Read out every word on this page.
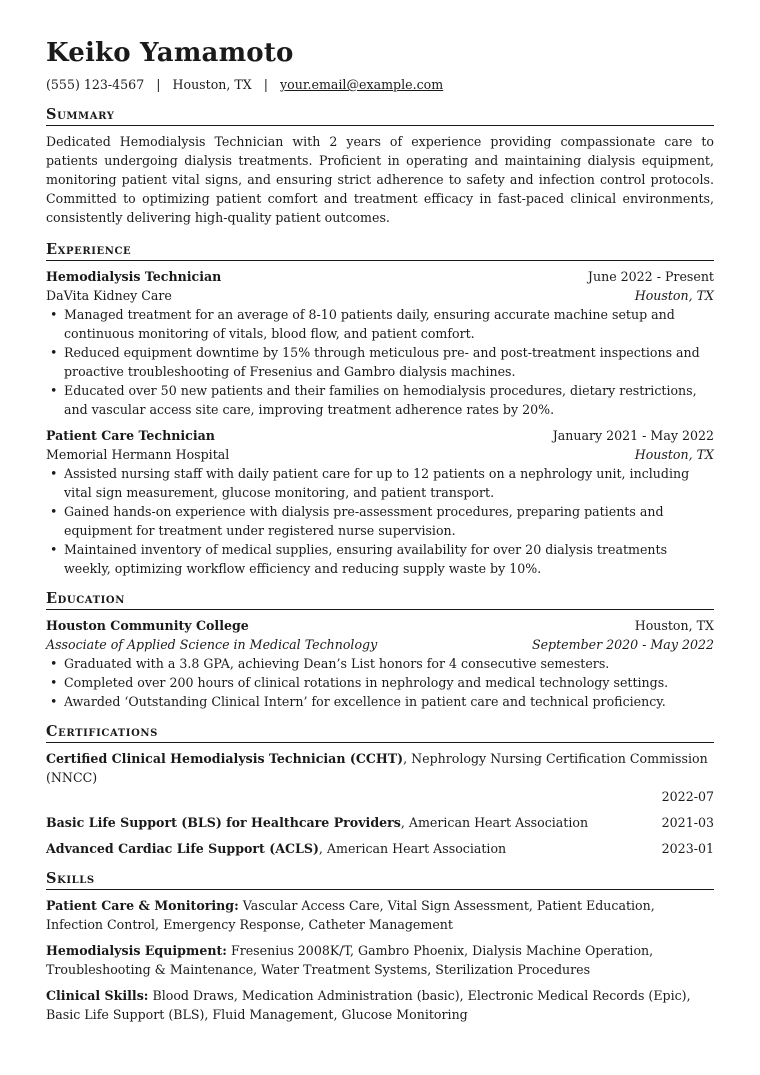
Keiko Yamamoto
(555) 123-4567 | Houston, TX | your.email@example.com
Summary
Dedicated Hemodialysis Technician with 2 years of experience providing compassionate care to patients undergoing dialysis treatments. Proficient in operating and maintaining dialysis equipment, monitoring patient vital signs, and ensuring strict adherence to safety and infection control protocols. Committed to optimizing patient comfort and treatment efficacy in fast-paced clinical environments, consistently delivering high-quality patient outcomes.
Experience
Hemodialysis Technician	June 2022 - Present
DaVita Kidney Care	Houston, TX
• Managed treatment for an average of 8-10 patients daily, ensuring accurate machine setup and continuous monitoring of vitals, blood flow, and patient comfort.
• Reduced equipment downtime by 15% through meticulous pre- and post-treatment inspections and proactive troubleshooting of Fresenius and Gambro dialysis machines.
• Educated over 50 new patients and their families on hemodialysis procedures, dietary restrictions, and vascular access site care, improving treatment adherence rates by 20%.
Patient Care Technician	January 2021 - May 2022
Memorial Hermann Hospital	Houston, TX
• Assisted nursing staff with daily patient care for up to 12 patients on a nephrology unit, including vital sign measurement, glucose monitoring, and patient transport.
• Gained hands-on experience with dialysis pre-assessment procedures, preparing patients and equipment for treatment under registered nurse supervision.
• Maintained inventory of medical supplies, ensuring availability for over 20 dialysis treatments weekly, optimizing workflow efficiency and reducing supply waste by 10%.
Education
Houston Community College	Houston, TX
Associate of Applied Science in Medical Technology	September 2020 - May 2022
• Graduated with a 3.8 GPA, achieving Dean’s List honors for 4 consecutive semesters.
• Completed over 200 hours of clinical rotations in nephrology and medical technology settings.
• Awarded ‘Outstanding Clinical Intern’ for excellence in patient care and technical proficiency.
Certifications
Certified Clinical Hemodialysis Technician (CCHT), Nephrology Nursing Certification Commission (NNCC)
2022-07
Basic Life Support (BLS) for Healthcare Providers, American Heart Association	2021-03
Advanced Cardiac Life Support (ACLS), American Heart Association	2023-01
Skills
Patient Care & Monitoring: Vascular Access Care, Vital Sign Assessment, Patient Education, Infection Control, Emergency Response, Catheter Management
Hemodialysis Equipment: Fresenius 2008K/T, Gambro Phoenix, Dialysis Machine Operation, Troubleshooting & Maintenance, Water Treatment Systems, Sterilization Procedures
Clinical Skills: Blood Draws, Medication Administration (basic), Electronic Medical Records (Epic), Basic Life Support (BLS), Fluid Management, Glucose Monitoring
